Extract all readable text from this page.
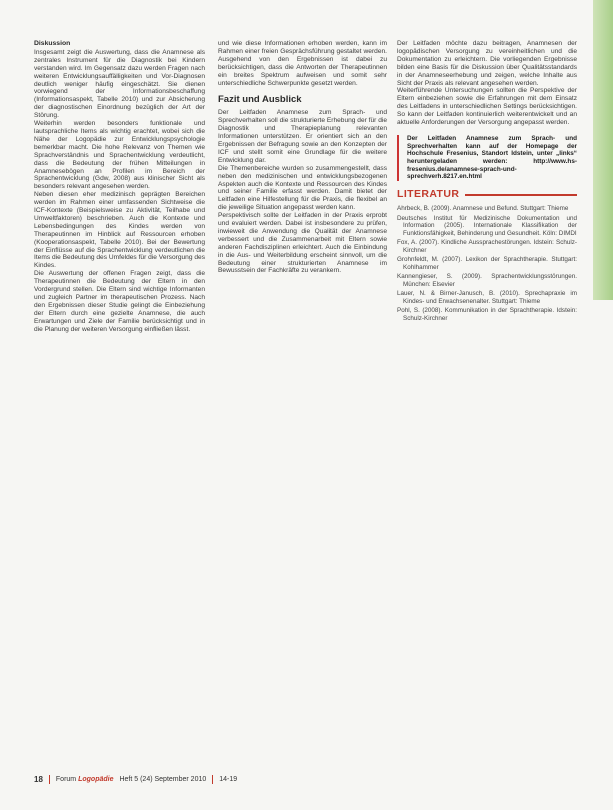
Diskussion

Insgesamt zeigt die Auswertung, dass die Anamnese als zentrales Instrument für die Diagnostik bei Kindern verstanden wird. Im Gegensatz dazu werden Fragen nach weiteren Entwicklungsauffälligkeiten und Vor-Diagnosen deutlich weniger häufig eingeschätzt. Sie dienen vorwiegend der Informationsbeschaffung (Informationsaspekt, Tabelle 2010) und zur Absicherung der diagnostischen Einordnung bezüglich der Art der Störung.

Weiterhin werden besonders funktionale und lautsprachliche Items als wichtig erachtet, wobei sich die Nähe der Logopädie zur Entwicklungspsychologie bemerkbar macht. Die hohe Relevanz von Themen wie Sprachverständnis und Sprachentwicklung verdeutlicht, dass die Bedeutung der frühen Mitteilungen in Anamnesebögen an Profilen im Bereich der Sprachentwicklung (Gdw, 2008) aus klinischer Sicht als besonders relevant angesehen werden.

Neben diesen eher medizinisch geprägten Bereichen werden im Rahmen einer umfassenden Sichtweise die ICF-Kontexte (Beispielsweise zu Aktivität, Teilhabe und Umweltfaktoren) beschrieben. Auch die Kontexte und Lebensbedingungen des Kindes werden von Therapeutinnen im Hinblick auf Ressourcen erhoben (Kooperationsaspekt, Tabelle 2010). Bei der Bewertung der Einflüsse auf die Sprachentwicklung verdeutlichen die Items die Bedeutung des Umfeldes für die Versorgung des Kindes.

Die Auswertung der offenen Fragen zeigt, dass die Therapeutinnen die Bedeutung der Eltern in den Vordergrund stellen. Die Eltern sind wichtige Informanten und zugleich Partner im therapeutischen Prozess. Nach den Ergebnissen dieser Studie gelingt die Einbeziehung der Eltern durch eine gezielte Anamnese, die auch Erwartungen und Ziele der Familie berücksichtigt und in die Planung der weiteren Versorgung einfließen lässt.

und wie diese Informationen erhoben werden, kann im Rahmen einer freien Gesprächsführung gestaltet werden. Ausgehend von den Ergebnissen ist dabei zu berücksichtigen, dass die Antworten der Therapeutinnen ein breites Spektrum aufweisen und somit sehr unterschiedliche Schwerpunkte gesetzt werden.

Fazit und Ausblick

Der Leitfaden Anamnese zum Sprach- und Sprechverhalten soll die strukturierte Erhebung der für die Diagnostik und Therapieplanung relevanten Informationen unterstützen. Er orientiert sich an den Ergebnissen der Befragung sowie an den Konzepten der ICF und stellt somit eine Grundlage für die weitere Entwicklung dar.

Die Themenbereiche wurden so zusammengestellt, dass neben den medizinischen und entwicklungsbezogenen Aspekten auch die Kontexte und Ressourcen des Kindes und seiner Familie erfasst werden. Damit bietet der Leitfaden eine Hilfestellung für die Praxis, die flexibel an die jeweilige Situation angepasst werden kann.

Perspektivisch sollte der Leitfaden in der Praxis erprobt und evaluiert werden. Dabei ist insbesondere zu prüfen, inwieweit die Anwendung die Qualität der Anamnese verbessert und die Zusammenarbeit mit Eltern sowie anderen Fachdisziplinen erleichtert. Auch die Einbindung in die Aus- und Weiterbildung erscheint sinnvoll, um die Bedeutung einer strukturierten Anamnese im Bewusstsein der Fachkräfte zu verankern.

Der Leitfaden möchte dazu beitragen, Anamnesen der logopädischen Versorgung zu vereinheitlichen und die Dokumentation zu erleichtern. Die vorliegenden Ergebnisse bilden eine Basis für die Diskussion über Qualitätsstandards in der Anamneseerhebung und zeigen, welche Inhalte aus Sicht der Praxis als relevant angesehen werden.

Weiterführende Untersuchungen sollten die Perspektive der Eltern einbeziehen sowie die Erfahrungen mit dem Einsatz des Leitfadens in unterschiedlichen Settings berücksichtigen. So kann der Leitfaden kontinuierlich weiterentwickelt und an aktuelle Anforderungen der Versorgung angepasst werden.

Der Leitfaden Anamnese zum Sprach- und Sprechverhalten kann auf der Homepage der Hochschule Fresenius, Standort Idstein, unter „links“ heruntergeladen werden: http://www.hs-fresenius.de/anamnese-sprach-und-sprechverh.8217.en.html
LITERATUR
Ahrbeck, B. (2009). Anamnese und Befund. Stuttgart: Thieme
Deutsches Institut für Medizinische Dokumentation und Information (2005). Internationale Klassifikation der Funktionsfähigkeit, Behinderung und Gesundheit. Köln: DIMDI
Fox, A. (2007). Kindliche Aussprachestörungen. Idstein: Schulz-Kirchner
Grohnfeldt, M. (2007). Lexikon der Sprachtherapie. Stuttgart: Kohlhammer
Kannengieser, S. (2009). Sprachentwicklungsstörungen. München: Elsevier
Lauer, N. & Birner-Janusch, B. (2010). Sprechapraxie im Kindes- und Erwachsenenalter. Stuttgart: Thieme
Pohl, S. (2008). Kommunikation in der Sprachtherapie. Idstein: Schulz-Kirchner
18 Forum Logopädie Heft 5 (24) September 2010 14-19
